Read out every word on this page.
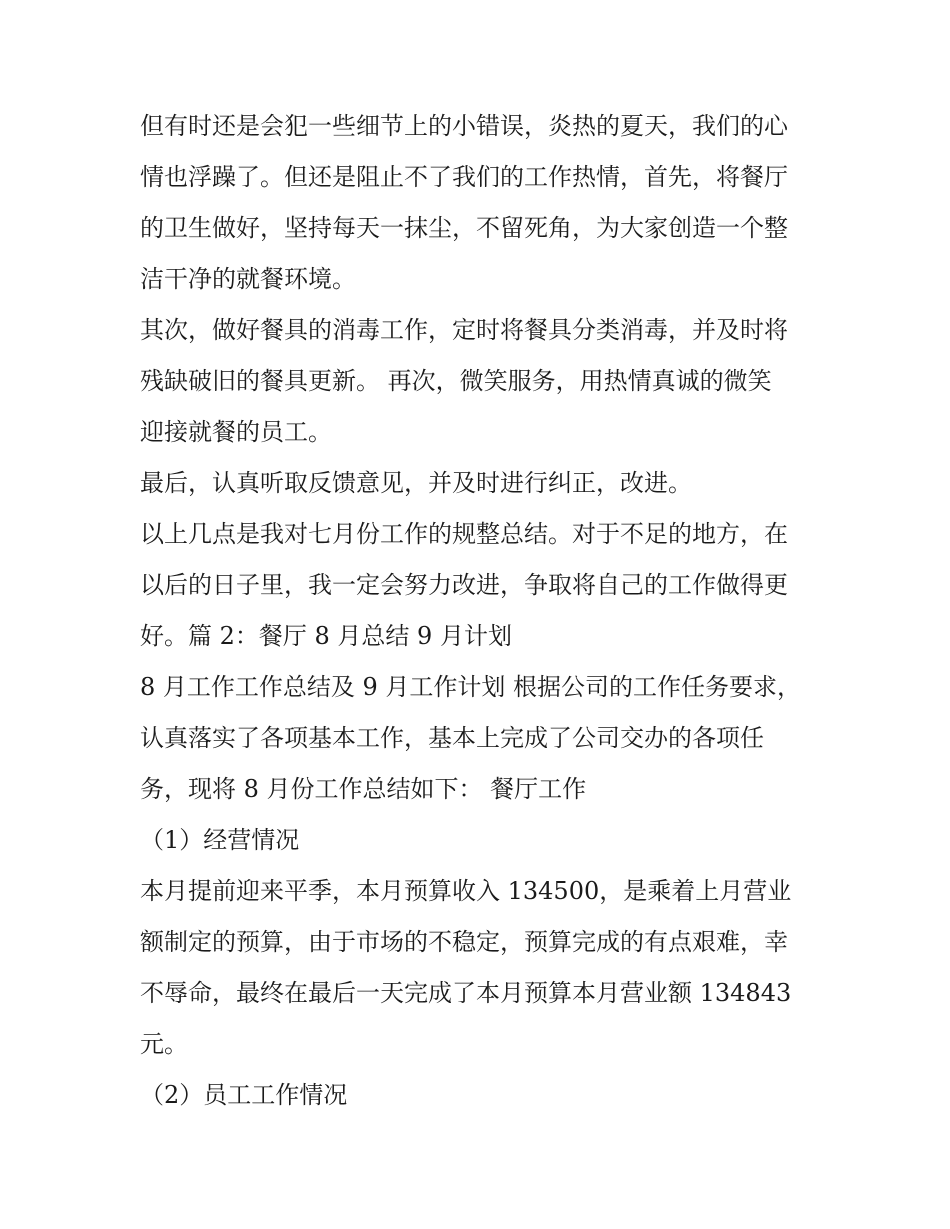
但有时还是会犯一些细节上的小错误，炎热的夏天，我们的心
情也浮躁了。但还是阻止不了我们的工作热情，首先，将餐厅
的卫生做好，坚持每天一抹尘，不留死角，为大家创造一个整
洁干净的就餐环境。
其次，做好餐具的消毒工作，定时将餐具分类消毒，并及时将
残缺破旧的餐具更新。 再次，微笑服务，用热情真诚的微笑
迎接就餐的员工。
最后，认真听取反馈意见，并及时进行纠正，改进。
以上几点是我对七月份工作的规整总结。对于不足的地方，在
以后的日子里，我一定会努力改进，争取将自己的工作做得更
好。篇 2：餐厅 8 月总结 9 月计划
8 月工作工作总结及 9 月工作计划 根据公司的工作任务要求，
认真落实了各项基本工作，基本上完成了公司交办的各项任
务，现将 8 月份工作总结如下： 餐厅工作
（1）经营情况
本月提前迎来平季，本月预算收入 134500，是乘着上月营业
额制定的预算，由于市场的不稳定，预算完成的有点艰难，幸
不辱命，最终在最后一天完成了本月预算本月营业额 134843
元。
（2）员工工作情况
